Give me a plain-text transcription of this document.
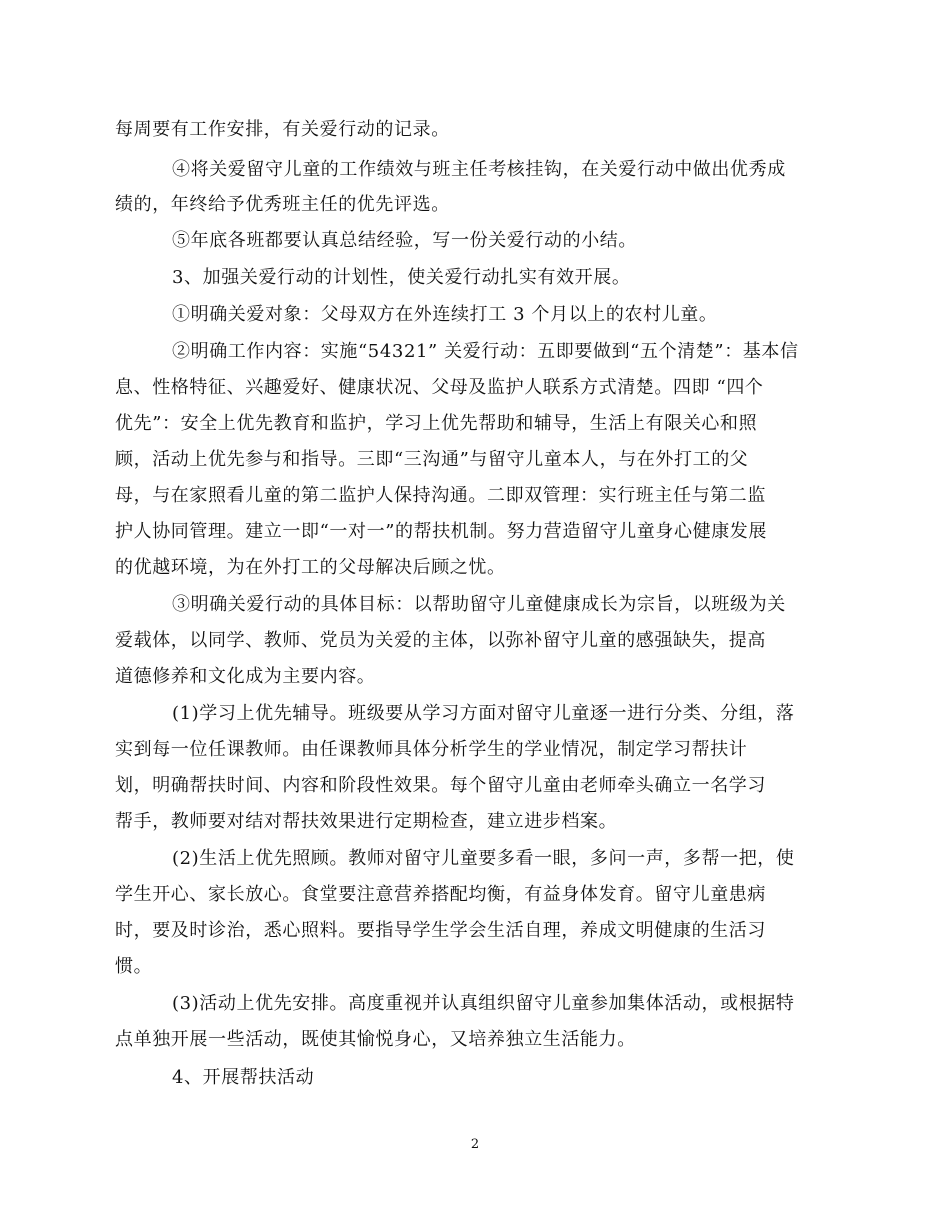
每周要有工作安排，有关爱行动的记录。
④将关爱留守儿童的工作绩效与班主任考核挂钩，在关爱行动中做出优秀成
绩的，年终给予优秀班主任的优先评选。
⑤年底各班都要认真总结经验，写一份关爱行动的小结。
3、加强关爱行动的计划性，使关爱行动扎实有效开展。
①明确关爱对象：父母双方在外连续打工 3 个月以上的农村儿童。
②明确工作内容：实施“54321” 关爱行动：五即要做到“五个清楚”：基本信
息、性格特征、兴趣爱好、健康状况、父母及监护人联系方式清楚。四即 “四个
优先”：安全上优先教育和监护，学习上优先帮助和辅导，生活上有限关心和照
顾，活动上优先参与和指导。三即“三沟通”与留守儿童本人，与在外打工的父
母，与在家照看儿童的第二监护人保持沟通。二即双管理：实行班主任与第二监
护人协同管理。建立一即“一对一”的帮扶机制。努力营造留守儿童身心健康发展
的优越环境，为在外打工的父母解决后顾之忧。
③明确关爱行动的具体目标：以帮助留守儿童健康成长为宗旨，以班级为关
爱载体，以同学、教师、党员为关爱的主体，以弥补留守儿童的感强缺失，提高
道德修养和文化成为主要内容。
(1)学习上优先辅导。班级要从学习方面对留守儿童逐一进行分类、分组，落
实到每一位任课教师。由任课教师具体分析学生的学业情况，制定学习帮扶计
划，明确帮扶时间、内容和阶段性效果。每个留守儿童由老师牵头确立一名学习
帮手，教师要对结对帮扶效果进行定期检查，建立进步档案。
(2)生活上优先照顾。教师对留守儿童要多看一眼，多问一声，多帮一把，使
学生开心、家长放心。食堂要注意营养搭配均衡，有益身体发育。留守儿童患病
时，要及时诊治，悉心照料。要指导学生学会生活自理，养成文明健康的生活习
惯。
(3)活动上优先安排。高度重视并认真组织留守儿童参加集体活动，或根据特
点单独开展一些活动，既使其愉悦身心，又培养独立生活能力。
4、开展帮扶活动
2
